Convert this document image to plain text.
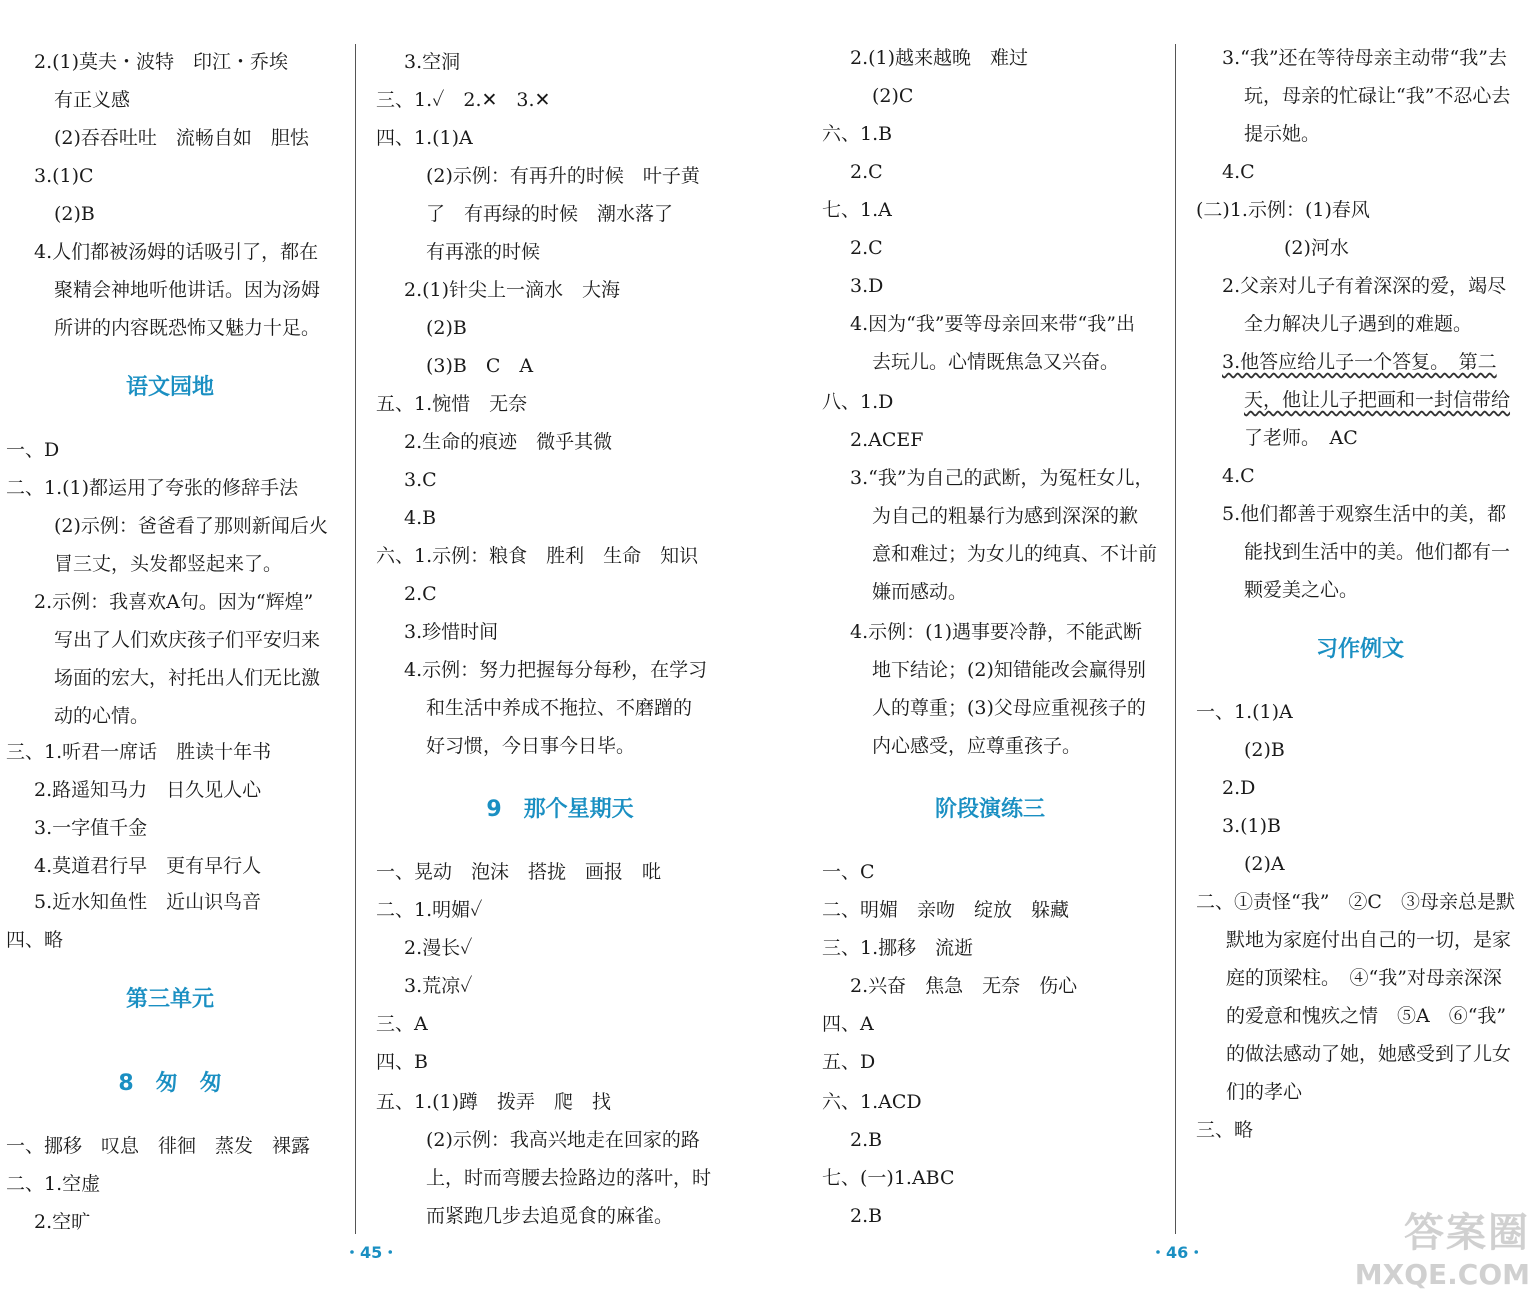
2.(1)莫夫・波特　印江・乔埃
有正义感
(2)吞吞吐吐　流畅自如　胆怯
3.(1)C
(2)B
4.人们都被汤姆的话吸引了，都在
聚精会神地听他讲话。因为汤姆
所讲的内容既恐怖又魅力十足。
语文园地
一、D
二、1.(1)都运用了夸张的修辞手法
(2)示例：爸爸看了那则新闻后火
冒三丈，头发都竖起来了。
2.示例：我喜欢A句。因为“辉煌”
写出了人们欢庆孩子们平安归来
场面的宏大，衬托出人们无比激
动的心情。
三、1.听君一席话　胜读十年书
2.路遥知马力　日久见人心
3.一字值千金
4.莫道君行早　更有早行人
5.近水知鱼性　近山识鸟音
四、略
第三单元
8　匆　匆
一、挪移　叹息　徘徊　蒸发　裸露
二、1.空虚
2.空旷
3.空洞
三、1.✓　2.✕　3.✕
四、1.(1)A
(2)示例：有再升的时候　叶子黄
了　有再绿的时候　潮水落了
有再涨的时候
2.(1)针尖上一滴水　大海
(2)B
(3)B　C　A
五、1.惋惜　无奈
2.生命的痕迹　微乎其微
3.C
4.B
六、1.示例：粮食　胜利　生命　知识
2.C
3.珍惜时间
4.示例：努力把握每分每秒，在学习
和生活中养成不拖拉、不磨蹭的
好习惯，今日事今日毕。
9　那个星期天
一、晃动　泡沫　搭拢　画报　吡
二、1.明媚✓
2.漫长✓
3.荒凉✓
三、A
四、B
五、1.(1)蹲　拨弄　爬　找
(2)示例：我高兴地走在回家的路
上，时而弯腰去捡路边的落叶，时
而紧跑几步去追觅食的麻雀。
・45・
2.(1)越来越晚　难过
(2)C
六、1.B
2.C
七、1.A
2.C
3.D
4.因为“我”要等母亲回来带“我”出
去玩儿。心情既焦急又兴奋。
八、1.D
2.ACEF
3.“我”为自己的武断，为冤枉女儿，
为自己的粗暴行为感到深深的歉
意和难过；为女儿的纯真、不计前
嫌而感动。
4.示例：(1)遇事要冷静，不能武断
地下结论；(2)知错能改会赢得别
人的尊重；(3)父母应重视孩子的
内心感受，应尊重孩子。
阶段演练三
一、C
二、明媚　亲吻　绽放　躲藏
三、1.挪移　流逝
2.兴奋　焦急　无奈　伤心
四、A
五、D
六、1.ACD
2.B
七、(一)1.ABC
2.B
3.“我”还在等待母亲主动带“我”去
玩，母亲的忙碌让“我”不忍心去
提示她。
4.C
(二)1.示例：(1)春风
(2)河水
2.父亲对儿子有着深深的爱，竭尽
全力解决儿子遇到的难题。
3.他答应给儿子一个答复。　第二
天，他让儿子把画和一封信带给
了老师。　AC
4.C
5.他们都善于观察生活中的美，都
能找到生活中的美。他们都有一
颗爱美之心。
习作例文
一、1.(1)A
(2)B
2.D
3.(1)B
(2)A
二、①责怪“我”　②C　③母亲总是默
默地为家庭付出自己的一切，是家
庭的顶梁柱。　④“我”对母亲深深
的爱意和愧疚之情　⑤A　⑥“我”
的做法感动了她，她感受到了儿女
们的孝心
三、略
・46・	答案圈
MXQE.COM
